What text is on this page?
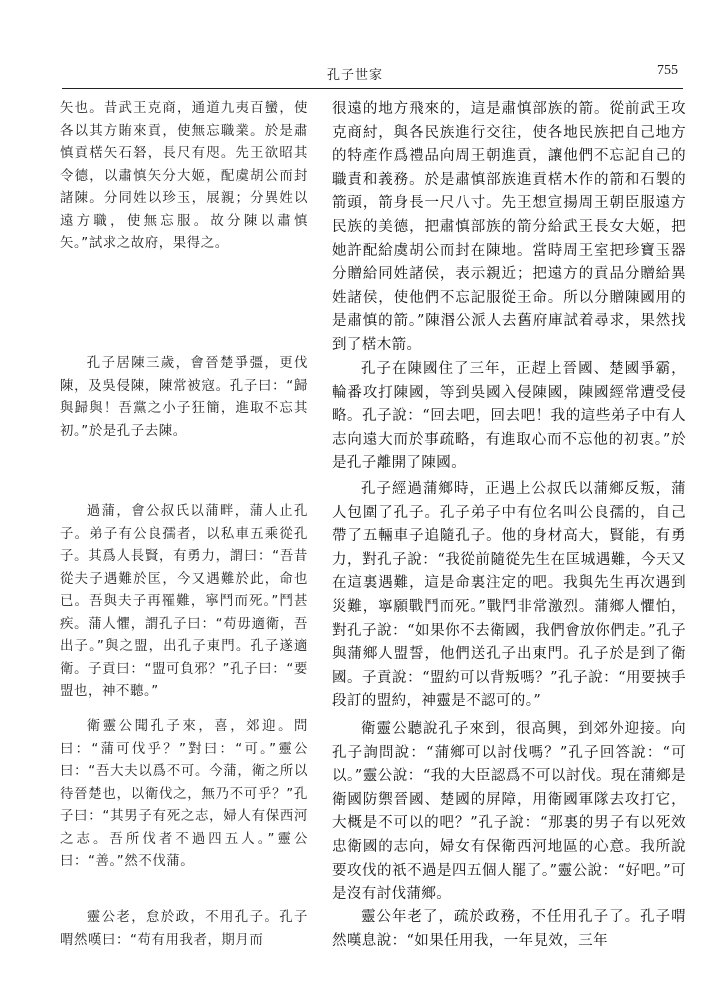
孔子世家	755

矢也。昔武王克商，通道九夷百蠻，使各以其方賄來貢，使無忘職業。於是肅慎貢楛矢石砮，長尺有咫。先王欲昭其令德，以肅慎矢分大姬，配虞胡公而封諸陳。分同姓以珍玉，展親；分異姓以遠方職，使無忘服。故分陳以肅慎矢。”試求之故府，果得之。

孔子居陳三歲，會晉楚爭彊，更伐陳，及吳侵陳，陳常被寇。孔子曰：“歸與歸與！吾黨之小子狂簡，進取不忘其初。”於是孔子去陳。

過蒲，會公叔氏以蒲畔，蒲人止孔子。弟子有公良孺者，以私車五乘從孔子。其爲人長賢，有勇力，謂曰：“吾昔從夫子遇難於匡，今又遇難於此，命也已。吾與夫子再罹難，寧鬥而死。”鬥甚疾。蒲人懼，謂孔子曰：“苟毋適衛，吾出子。”與之盟，出孔子東門。孔子遂適衛。子貢曰：“盟可負邪？”孔子曰：“要盟也，神不聽。”

衛靈公聞孔子來，喜，郊迎。問曰：“蒲可伐乎？”對曰：“可。”靈公曰：“吾大夫以爲不可。今蒲，衛之所以待晉楚也，以衛伐之，無乃不可乎？”孔子曰：“其男子有死之志，婦人有保西河之志。吾所伐者不過四五人。”靈公曰：“善。”然不伐蒲。

靈公老，怠於政，不用孔子。孔子喟然嘆曰：“苟有用我者，期月而

很遠的地方飛來的，這是肅慎部族的箭。從前武王攻克商紂，與各民族進行交往，使各地民族把自己地方的特產作爲禮品向周王朝進貢，讓他們不忘記自己的職責和義務。於是肅慎部族進貢楛木作的箭和石製的箭頭，箭身長一尺八寸。先王想宣揚周王朝臣服遠方民族的美德，把肅慎部族的箭分給武王長女大姬，把她許配給虞胡公而封在陳地。當時周王室把珍寶玉器分贈給同姓諸侯，表示親近；把遠方的貢品分贈給異姓諸侯，使他們不忘記服從王命。所以分贈陳國用的是肅慎的箭。”陳湣公派人去舊府庫試着尋求，果然找到了楛木箭。

孔子在陳國住了三年，正趕上晉國、楚國爭霸，輪番攻打陳國，等到吳國入侵陳國，陳國經常遭受侵略。孔子說：“回去吧，回去吧！我的這些弟子中有人志向遠大而於事疏略，有進取心而不忘他的初衷。”於是孔子離開了陳國。

孔子經過蒲鄉時，正遇上公叔氏以蒲鄉反叛，蒲人包圍了孔子。孔子弟子中有位名叫公良孺的，自己帶了五輛車子追隨孔子。他的身材高大，賢能，有勇力，對孔子說：“我從前隨從先生在匡城遇難，今天又在這裏遇難，這是命裏注定的吧。我與先生再次遇到災難，寧願戰鬥而死。”戰鬥非常激烈。蒲鄉人懼怕，對孔子說：“如果你不去衛國，我們會放你們走。”孔子與蒲鄉人盟誓，他們送孔子出東門。孔子於是到了衛國。子貢說：“盟約可以背叛嗎？”孔子說：“用要挾手段訂的盟約，神靈是不認可的。”

衛靈公聽說孔子來到，很高興，到郊外迎接。向孔子詢問說：“蒲鄉可以討伐嗎？”孔子回答說：“可以。”靈公說：“我的大臣認爲不可以討伐。現在蒲鄉是衛國防禦晉國、楚國的屏障，用衛國軍隊去攻打它，大概是不可以的吧？”孔子說：“那裏的男子有以死效忠衛國的志向，婦女有保衛西河地區的心意。我所說要攻伐的祇不過是四五個人罷了。”靈公說：“好吧。”可是沒有討伐蒲鄉。

靈公年老了，疏於政務，不任用孔子了。孔子喟然嘆息說：“如果任用我，一年見效，三年
